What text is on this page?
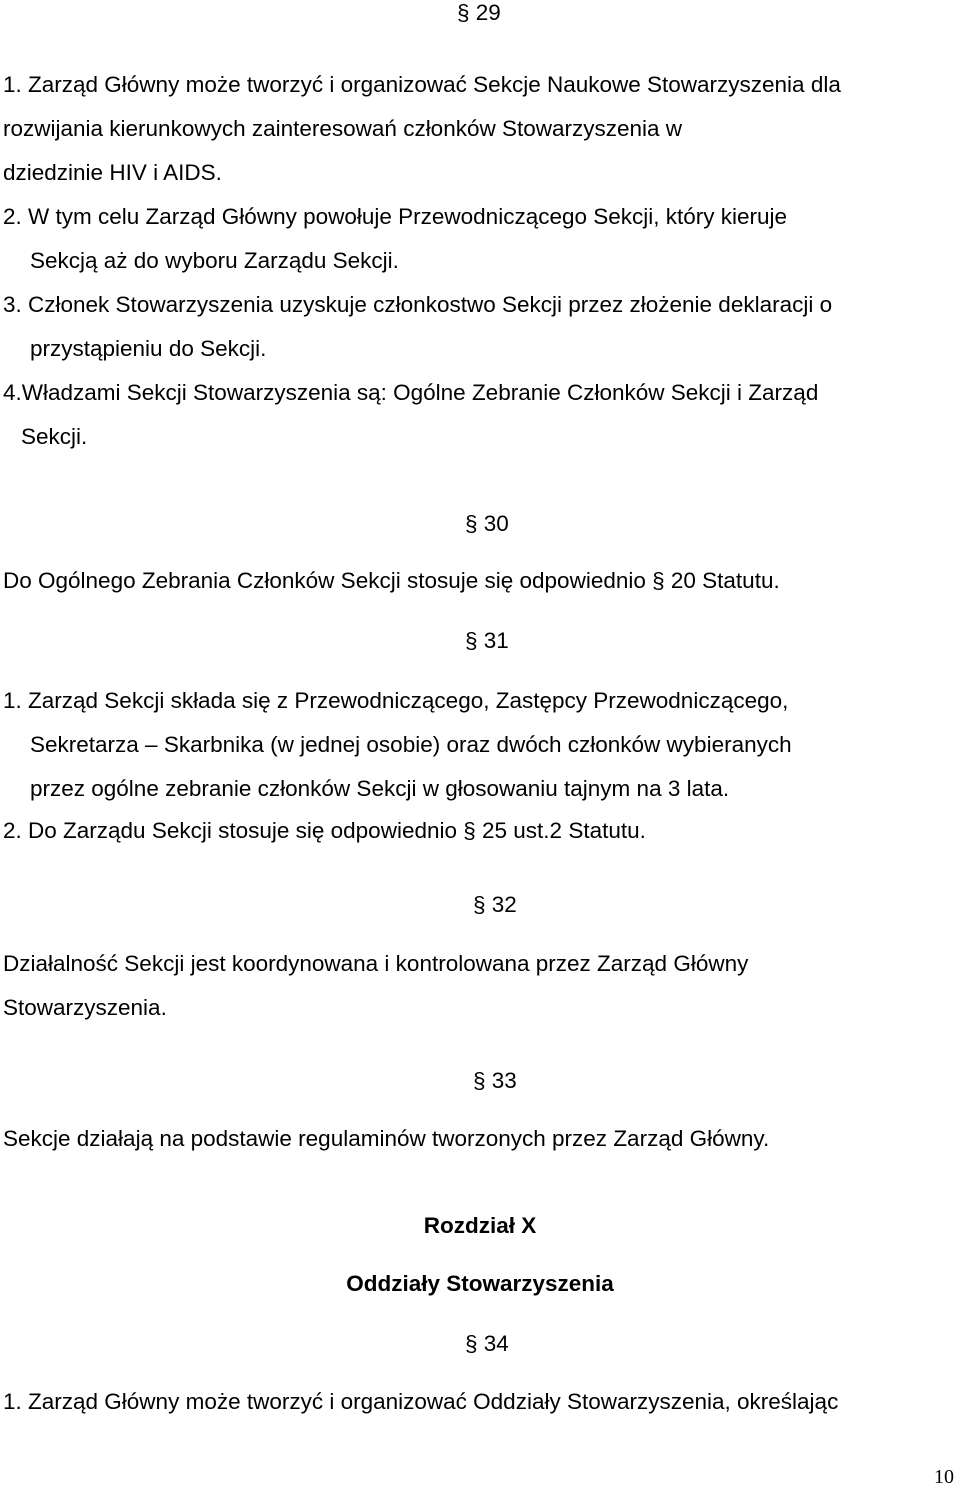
§ 29
1. Zarząd Główny może tworzyć i organizować Sekcje Naukowe Stowarzyszenia dla
rozwijania kierunkowych zainteresowań członków Stowarzyszenia w
dziedzinie HIV i AIDS.
2. W tym celu Zarząd Główny powołuje Przewodniczącego Sekcji, który kieruje
Sekcją aż do wyboru Zarządu Sekcji.
3. Członek Stowarzyszenia uzyskuje członkostwo Sekcji przez złożenie deklaracji o
przystąpieniu do Sekcji.
4.Władzami Sekcji Stowarzyszenia są: Ogólne Zebranie Członków Sekcji i Zarząd
Sekcji.
§ 30
Do Ogólnego Zebrania Członków Sekcji stosuje się odpowiednio § 20 Statutu.
§ 31
1. Zarząd Sekcji składa się z Przewodniczącego, Zastępcy Przewodniczącego,
Sekretarza – Skarbnika (w jednej osobie) oraz dwóch członków wybieranych
przez ogólne zebranie członków Sekcji w głosowaniu tajnym na 3 lata.
2. Do Zarządu Sekcji stosuje się odpowiednio § 25 ust.2 Statutu.
§ 32
Działalność Sekcji jest koordynowana i kontrolowana przez Zarząd Główny
Stowarzyszenia.
§ 33
Sekcje działają na podstawie regulaminów tworzonych przez Zarząd Główny.
Rozdział X
Oddziały Stowarzyszenia
§ 34
1. Zarząd Główny może tworzyć i organizować Oddziały Stowarzyszenia, określając
10
